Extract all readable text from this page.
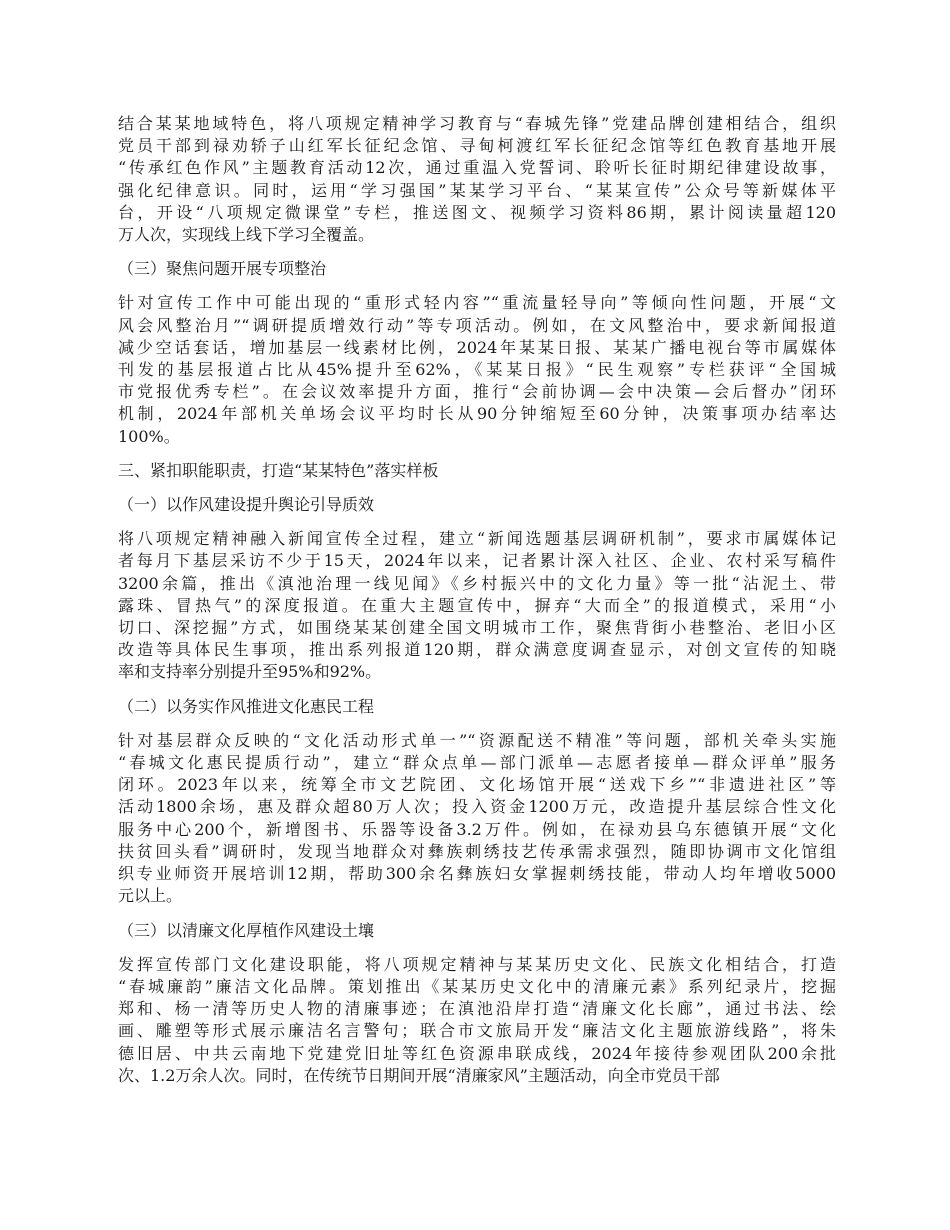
结合某某地域特色，将八项规定精神学习教育与“春城先锋”党建品牌创建相结合，组织
党员干部到禄劝轿子山红军长征纪念馆、寻甸柯渡红军长征纪念馆等红色教育基地开展
“传承红色作风”主题教育活动12次，通过重温入党誓词、聆听长征时期纪律建设故事，
强化纪律意识。同时，运用“学习强国”某某学习平台、“某某宣传”公众号等新媒体平
台，开设“八项规定微课堂”专栏，推送图文、视频学习资料86期，累计阅读量超120
万人次，实现线上线下学习全覆盖。
（三）聚焦问题开展专项整治
针对宣传工作中可能出现的“重形式轻内容”“重流量轻导向”等倾向性问题，开展“文
风会风整治月”“调研提质增效行动”等专项活动。例如，在文风整治中，要求新闻报道
减少空话套话，增加基层一线素材比例，2024年某某日报、某某广播电视台等市属媒体
刊发的基层报道占比从45%提升至62%，《某某日报》“民生观察”专栏获评“全国城
市党报优秀专栏”。在会议效率提升方面，推行“会前协调—会中决策—会后督办”闭环
机制，2024年部机关单场会议平均时长从90分钟缩短至60分钟，决策事项办结率达
100%。
三、紧扣职能职责，打造“某某特色”落实样板
（一）以作风建设提升舆论引导质效
将八项规定精神融入新闻宣传全过程，建立“新闻选题基层调研机制”，要求市属媒体记
者每月下基层采访不少于15天，2024年以来，记者累计深入社区、企业、农村采写稿件
3200余篇，推出《滇池治理一线见闻》《乡村振兴中的文化力量》等一批“沾泥土、带
露珠、冒热气”的深度报道。在重大主题宣传中，摒弃“大而全”的报道模式，采用“小
切口、深挖掘”方式，如围绕某某创建全国文明城市工作，聚焦背街小巷整治、老旧小区
改造等具体民生事项，推出系列报道120期，群众满意度调查显示，对创文宣传的知晓
率和支持率分别提升至95%和92%。
（二）以务实作风推进文化惠民工程
针对基层群众反映的“文化活动形式单一”“资源配送不精准”等问题，部机关牵头实施
“春城文化惠民提质行动”，建立“群众点单—部门派单—志愿者接单—群众评单”服务
闭环。2023年以来，统筹全市文艺院团、文化场馆开展“送戏下乡”“非遗进社区”等
活动1800余场，惠及群众超80万人次；投入资金1200万元，改造提升基层综合性文化
服务中心200个，新增图书、乐器等设备3.2万件。例如，在禄劝县乌东德镇开展“文化
扶贫回头看”调研时，发现当地群众对彝族刺绣技艺传承需求强烈，随即协调市文化馆组
织专业师资开展培训12期，帮助300余名彝族妇女掌握刺绣技能，带动人均年增收5000
元以上。
（三）以清廉文化厚植作风建设土壤
发挥宣传部门文化建设职能，将八项规定精神与某某历史文化、民族文化相结合，打造
“春城廉韵”廉洁文化品牌。策划推出《某某历史文化中的清廉元素》系列纪录片，挖掘
郑和、杨一清等历史人物的清廉事迹；在滇池沿岸打造“清廉文化长廊”，通过书法、绘
画、雕塑等形式展示廉洁名言警句；联合市文旅局开发“廉洁文化主题旅游线路”，将朱
德旧居、中共云南地下党建党旧址等红色资源串联成线，2024年接待参观团队200余批
次、1.2万余人次。同时，在传统节日期间开展“清廉家风”主题活动，向全市党员干部
